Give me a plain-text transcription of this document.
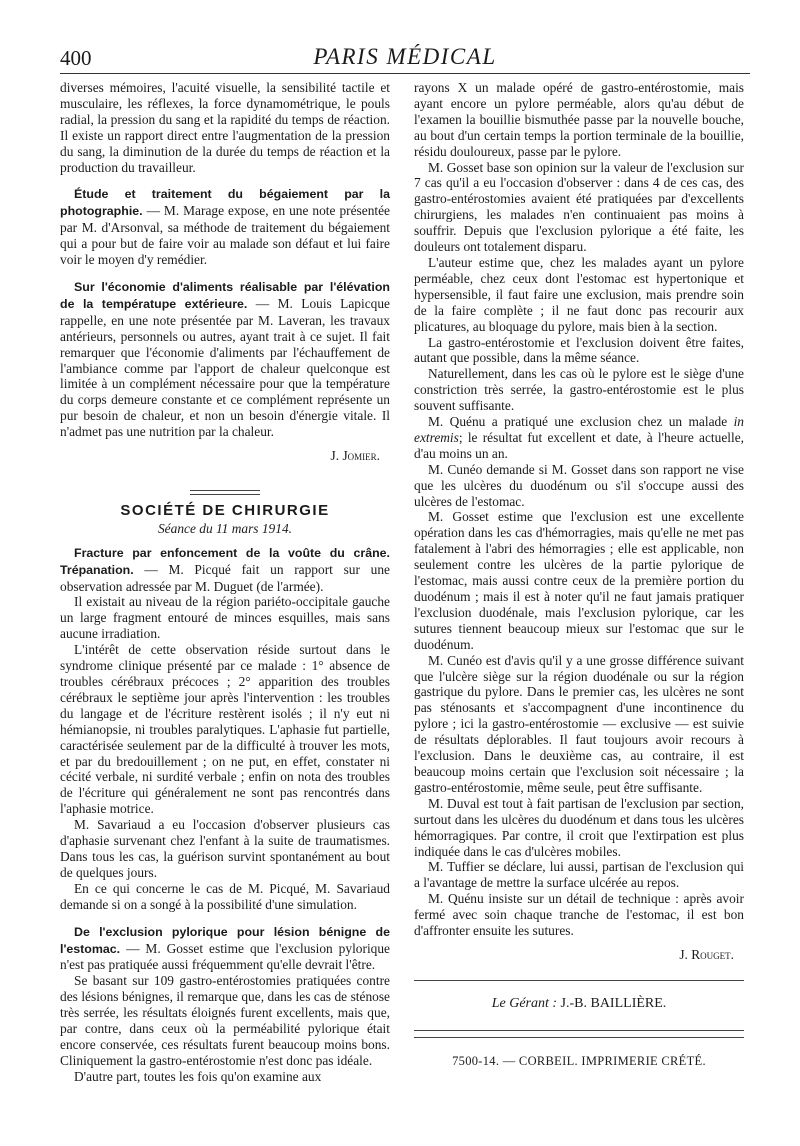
400	PARIS MÉDICAL

diverses mémoires, l'acuité visuelle, la sensibilité tactile et musculaire, les réflexes, la force dynamométrique, le pouls radial, la pression du sang et la rapidité du temps de réaction. Il existe un rapport direct entre l'augmentation de la pression du sang, la diminution de la durée du temps de réaction et la production du travailleur.

Étude et traitement du bégaiement par la photographie. — M. Marage expose, en une note présentée par M. d'Arsonval, sa méthode de traitement du bégaiement qui a pour but de faire voir au malade son défaut et lui faire voir le moyen d'y remédier.

Sur l'économie d'aliments réalisable par l'élévation de la températupe extérieure. — M. Louis Lapicque rappelle, en une note présentée par M. Laveran, les travaux antérieurs, personnels ou autres, ayant trait à ce sujet. Il fait remarquer que l'économie d'aliments par l'échauffement de l'ambiance comme par l'apport de chaleur quelconque est limitée à un complément nécessaire pour que la température du corps demeure constante et ce complément représente un pur besoin de chaleur, et non un besoin d'énergie vitale. Il n'admet pas une nutrition par la chaleur.

J. Jomier.
SOCIÉTÉ DE CHIRURGIE
Séance du 11 mars 1914.

Fracture par enfoncement de la voûte du crâne. Trépanation. — M. Picqué fait un rapport sur une observation adressée par M. Duguet (de l'armée).

Il existait au niveau de la région pariéto-occipitale gauche un large fragment entouré de minces esquilles, mais sans aucune irradiation.

L'intérêt de cette observation réside surtout dans le syndrome clinique présenté par ce malade : 1° absence de troubles cérébraux précoces ; 2° apparition des troubles cérébraux le septième jour après l'intervention : les troubles du langage et de l'écriture restèrent isolés ; il n'y eut ni hémianopsie, ni troubles paralytiques. L'aphasie fut partielle, caractérisée seulement par de la difficulté à trouver les mots, et par du bredouillement ; on ne put, en effet, constater ni cécité verbale, ni surdité verbale ; enfin on nota des troubles de l'écriture qui généralement ne sont pas rencontrés dans l'aphasie motrice.

M. Savariaud a eu l'occasion d'observer plusieurs cas d'aphasie survenant chez l'enfant à la suite de traumatismes. Dans tous les cas, la guérison survint spontanément au bout de quelques jours.

En ce qui concerne le cas de M. Picqué, M. Savariaud demande si on a songé à la possibilité d'une simulation.

De l'exclusion pylorique pour lésion bénigne de l'estomac. — M. Gosset estime que l'exclusion pylorique n'est pas pratiquée aussi fréquemment qu'elle devrait l'être.

Se basant sur 109 gastro-entérostomies pratiquées contre des lésions bénignes, il remarque que, dans les cas de sténose très serrée, les résultats éloignés furent excellents, mais que, par contre, dans ceux où la perméabilité pylorique était encore conservée, ces résultats furent beaucoup moins bons. Cliniquement la gastro-entérostomie n'est donc pas idéale.

D'autre part, toutes les fois qu'on examine aux

rayons X un malade opéré de gastro-entérostomie, mais ayant encore un pylore perméable, alors qu'au début de l'examen la bouillie bismuthée passe par la nouvelle bouche, au bout d'un certain temps la portion terminale de la bouillie, résidu douloureux, passe par le pylore.

M. Gosset base son opinion sur la valeur de l'exclusion sur 7 cas qu'il a eu l'occasion d'observer : dans 4 de ces cas, des gastro-entérostomies avaient été pratiquées par d'excellents chirurgiens, les malades n'en continuaient pas moins à souffrir. Depuis que l'exclusion pylorique a été faite, les douleurs ont totalement disparu.

L'auteur estime que, chez les malades ayant un pylore perméable, chez ceux dont l'estomac est hypertonique et hypersensible, il faut faire une exclusion, mais prendre soin de la faire complète ; il ne faut donc pas recourir aux plicatures, au bloquage du pylore, mais bien à la section.

La gastro-entérostomie et l'exclusion doivent être faites, autant que possible, dans la même séance.

Naturellement, dans les cas où le pylore est le siège d'une constriction très serrée, la gastro-entérostomie est le plus souvent suffisante.

M. Quénu a pratiqué une exclusion chez un malade in extremis; le résultat fut excellent et date, à l'heure actuelle, d'au moins un an.

M. Cunéo demande si M. Gosset dans son rapport ne vise que les ulcères du duodénum ou s'il s'occupe aussi des ulcères de l'estomac.

M. Gosset estime que l'exclusion est une excellente opération dans les cas d'hémorragies, mais qu'elle ne met pas fatalement à l'abri des hémorragies ; elle est applicable, non seulement contre les ulcères de la partie pylorique de l'estomac, mais aussi contre ceux de la première portion du duodénum ; mais il est à noter qu'il ne faut jamais pratiquer l'exclusion duodénale, mais l'exclusion pylorique, car les sutures tiennent beaucoup mieux sur l'estomac que sur le duodénum.

M. Cunéo est d'avis qu'il y a une grosse différence suivant que l'ulcère siège sur la région duodénale ou sur la région gastrique du pylore. Dans le premier cas, les ulcères ne sont pas sténosants et s'accompagnent d'une incontinence du pylore ; ici la gastro-entérostomie — exclusive — est suivie de résultats déplorables. Il faut toujours avoir recours à l'exclusion. Dans le deuxième cas, au contraire, il est beaucoup moins certain que l'exclusion soit nécessaire ; la gastro-entérostomie, même seule, peut être suffisante.

M. Duval est tout à fait partisan de l'exclusion par section, surtout dans les ulcères du duodénum et dans tous les ulcères hémorragiques. Par contre, il croit que l'extirpation est plus indiquée dans le cas d'ulcères mobiles.

M. Tuffier se déclare, lui aussi, partisan de l'exclusion qui a l'avantage de mettre la surface ulcérée au repos.

M. Quénu insiste sur un détail de technique : après avoir fermé avec soin chaque tranche de l'estomac, il est bon d'affronter ensuite les sutures.

J. Rouget.
Le Gérant : J.-B. BAILLIÈRE.
7500-14. — CORBEIL. IMPRIMERIE CRÉTÉ.
